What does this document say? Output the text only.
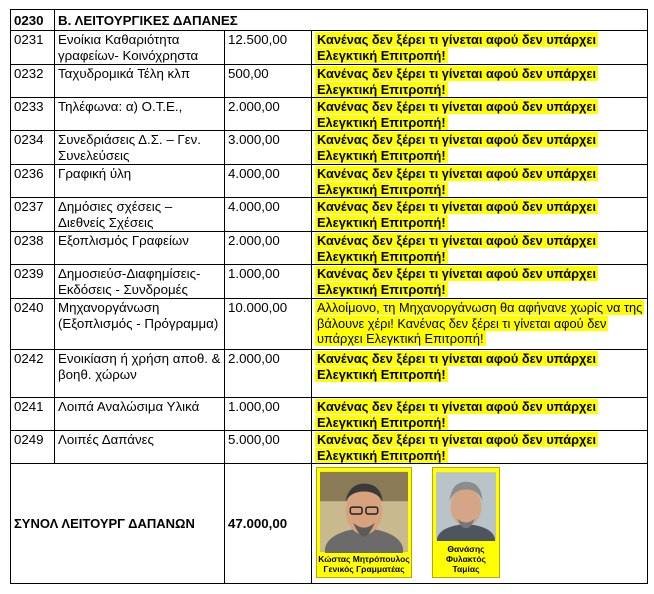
0230	Β. ΛΕΙΤΟΥΡΓΙΚΕΣ ΔΑΠΑΝΕΣ		
0231	Ενοίκια Καθαριότητα γραφείων- Κοινόχρηστα	12.500,00	Κανένας δεν ξέρει τι γίνεται αφού δεν υπάρχει Ελεγκτική Επιτροπή!
0232	Ταχυδρομικά Τέλη κλπ	500,00	Κανένας δεν ξέρει τι γίνεται αφού δεν υπάρχει Ελεγκτική Επιτροπή!
0233	Τηλέφωνα: α) Ο.Τ.Ε.,	2.000,00	Κανένας δεν ξέρει τι γίνεται αφού δεν υπάρχει Ελεγκτική Επιτροπή!
0234	Συνεδριάσεις Δ.Σ. – Γεν. Συνελεύσεις	3.000,00	Κανένας δεν ξέρει τι γίνεται αφού δεν υπάρχει Ελεγκτική Επιτροπή!
0236	Γραφική ύλη	4.000,00	Κανένας δεν ξέρει τι γίνεται αφού δεν υπάρχει Ελεγκτική Επιτροπή!
0237	Δημόσιες σχέσεις – Διεθνείς Σχέσεις	4.000,00	Κανένας δεν ξέρει τι γίνεται αφού δεν υπάρχει Ελεγκτική Επιτροπή!
0238	Εξοπλισμός Γραφείων	2.000,00	Κανένας δεν ξέρει τι γίνεται αφού δεν υπάρχει Ελεγκτική Επιτροπή!
0239	Δημοσιεύσ-Διαφημίσεις-Εκδόσεις - Συνδρομές	1.000,00	Κανένας δεν ξέρει τι γίνεται αφού δεν υπάρχει Ελεγκτική Επιτροπή!
0240	Μηχανοργάνωση (Εξοπλισμός - Πρόγραμμα)	10.000,00	Αλλοίμονο, τη Μηχανοργάνωση θα αφήνανε χωρίς να της βάλουνε χέρι! Κανένας δεν ξέρει τι γίνεται αφού δεν υπάρχει Ελεγκτική Επιτροπή!
0242	Ενοικίαση ή χρήση αποθ. & βοηθ. χώρων	2.000,00	Κανένας δεν ξέρει τι γίνεται αφού δεν υπάρχει Ελεγκτική Επιτροπή!
0241	Λοιπά Αναλώσιμα Υλικά	1.000,00	Κανένας δεν ξέρει τι γίνεται αφού δεν υπάρχει Ελεγκτική Επιτροπή!
0249	Λοιπές Δαπάνες	5.000,00	Κανένας δεν ξέρει τι γίνεται αφού δεν υπάρχει Ελεγκτική Επιτροπή!
ΣΥΝΟΛ ΛΕΙΤΟΥΡΓ ΔΑΠΑΝΩΝ		47.000,00	Κώστας Μητρόπουλος
Γενικός Γραμματέας
Θανάσης
Φυλακτός
Ταμίας
